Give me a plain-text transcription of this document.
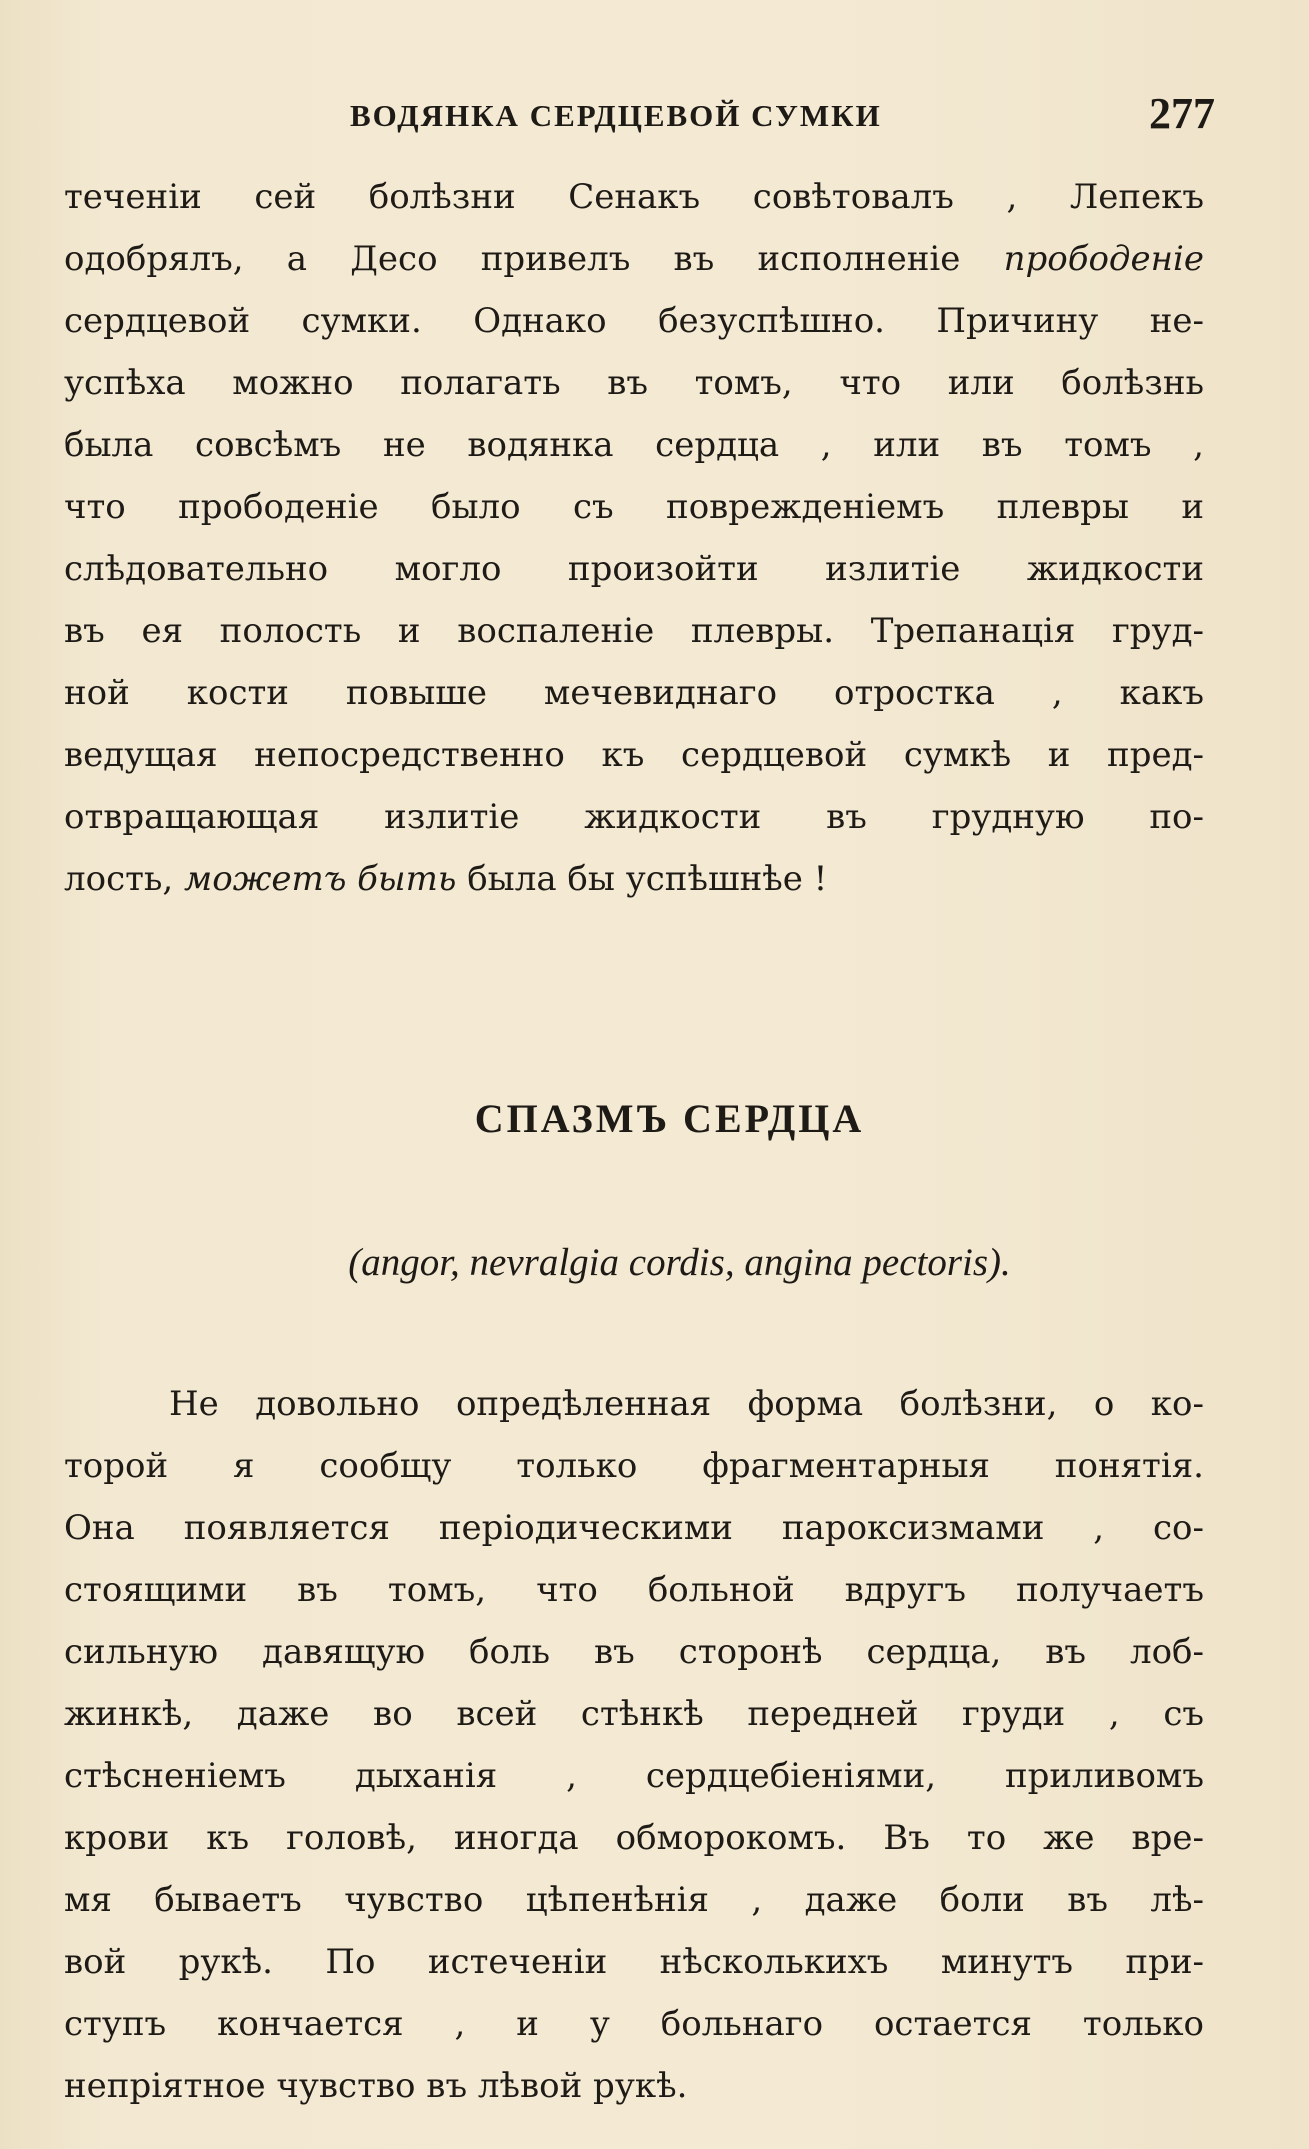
ВОДЯНКА СЕРДЦЕВОЙ СУМКИ	277
теченіи сей болѣзни Сенакъ совѣтовалъ , Лепекъ
одобрялъ, а Десо привелъ въ исполненіе прободеніе
сердцевой сумки. Однако безуспѣшно. Причину не-
успѣха можно полагать въ томъ, что или болѣзнь
была совсѣмъ не водянка сердца , или въ томъ ,
что прободеніе было съ поврежденіемъ плевры и
слѣдовательно могло произойти излитіе жидкости
въ ея полость и воспаленіе плевры. Трепанація груд-
ной кости повыше мечевиднаго отростка , какъ
ведущая непосредственно къ сердцевой сумкѣ и пред-
отвращающая излитіе жидкости въ грудную по-
лость, можетъ быть была бы успѣшнѣе !
СПАЗМЪ СЕРДЦА
(angor, nevralgia cordis, angina pectoris).
Не довольно опредѣленная форма болѣзни, о ко-
торой я сообщу только фрагментарныя понятія.
Она появляется періодическими пароксизмами , со-
стоящими въ томъ, что больной вдругъ получаетъ
сильную давящую боль въ сторонѣ сердца, въ лоб-
жинкѣ, даже во всей стѣнкѣ передней груди , съ
стѣсненіемъ дыханія , сердцебіеніями, приливомъ
крови къ головѣ, иногда обморокомъ. Въ то же вре-
мя бываетъ чувство цѣпенѣнія , даже боли въ лѣ-
вой рукѣ. По истеченіи нѣсколькихъ минутъ при-
ступъ кончается , и у больнаго остается только
непріятное чувство въ лѣвой рукѣ.
